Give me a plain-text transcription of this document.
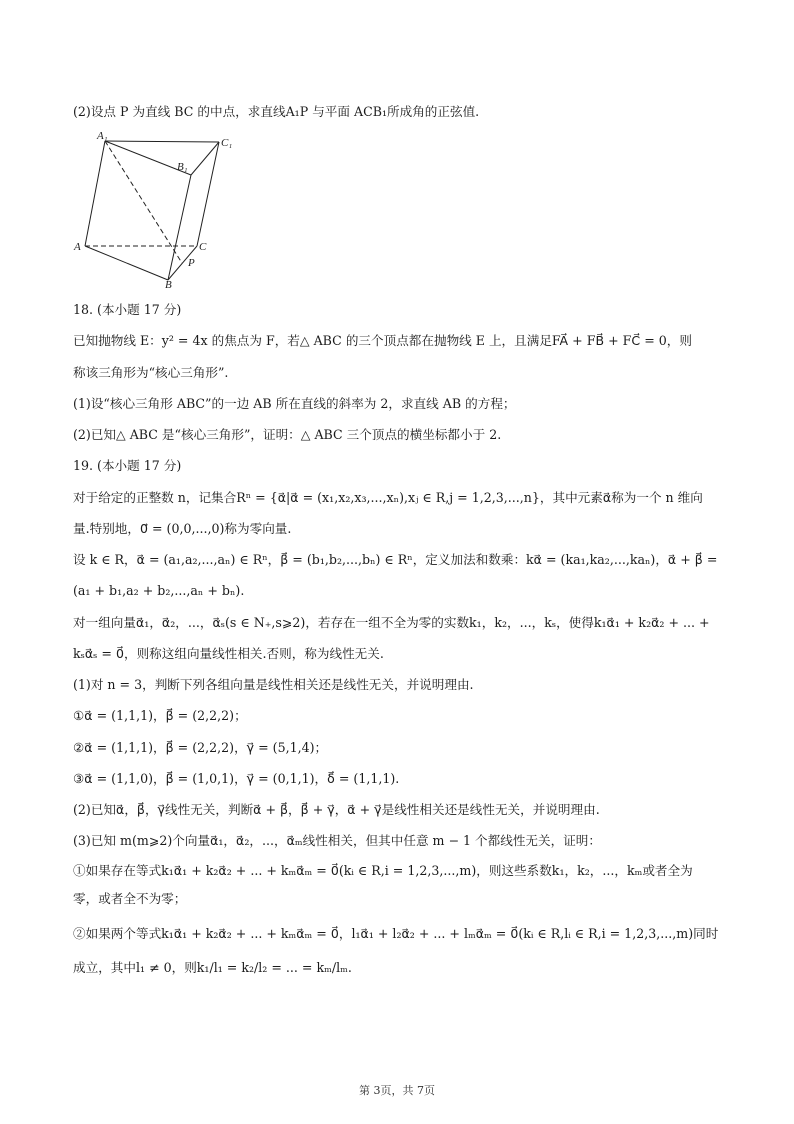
(2)设点 P 为直线 BC 的中点，求直线A₁P 与平面 ACB₁所成角的正弦值.
A₁
C₁
B₁
A	C
P
B
18. (本小题 17 分)
已知抛物线 E：y² = 4x 的焦点为 F，若△ ABC 的三个顶点都在抛物线 E 上，且满足FA⃗ + FB⃗ + FC⃗ = 0，则
称该三角形为“核心三角形”.
(1)设“核心三角形 ABC”的一边 AB 所在直线的斜率为 2，求直线 AB 的方程；
(2)已知△ ABC 是“核心三角形”，证明：△ ABC 三个顶点的横坐标都小于 2.
19. (本小题 17 分)
对于给定的正整数 n，记集合Rⁿ = {α⃗|α⃗ = (x₁,x₂,x₃,...,xₙ),xⱼ ∈ R,j = 1,2,3,...,n}，其中元素α⃗称为一个 n 维向
量.特别地，0⃗ = (0,0,...,0)称为零向量.
设 k ∈ R，α⃗ = (a₁,a₂,...,aₙ) ∈ Rⁿ，β⃗ = (b₁,b₂,...,bₙ) ∈ Rⁿ，定义加法和数乘：kα⃗ = (ka₁,ka₂,...,kaₙ)，α⃗ + β⃗ =
(a₁ + b₁,a₂ + b₂,...,aₙ + bₙ).
对一组向量α⃗₁，α⃗₂，...，α⃗ₛ(s ∈ N₊,s⩾2)，若存在一组不全为零的实数k₁，k₂，...，kₛ，使得k₁α⃗₁ + k₂α⃗₂ + ... +
kₛα⃗ₛ = 0⃗，则称这组向量线性相关.否则，称为线性无关.
(1)对 n = 3，判断下列各组向量是线性相关还是线性无关，并说明理由.
①α⃗ = (1,1,1)，β⃗ = (2,2,2)；
②α⃗ = (1,1,1)，β⃗ = (2,2,2)，γ⃗ = (5,1,4)；
③α⃗ = (1,1,0)，β⃗ = (1,0,1)，γ⃗ = (0,1,1)，δ⃗ = (1,1,1).
(2)已知α⃗，β⃗，γ⃗线性无关，判断α⃗ + β⃗，β⃗ + γ⃗，α⃗ + γ⃗是线性相关还是线性无关，并说明理由.
(3)已知 m(m⩾2)个向量α⃗₁，α⃗₂，...，α⃗ₘ线性相关，但其中任意 m − 1 个都线性无关，证明：
①如果存在等式k₁α⃗₁ + k₂α⃗₂ + ... + kₘα⃗ₘ = 0⃗(kᵢ ∈ R,i = 1,2,3,...,m)，则这些系数k₁，k₂，...，kₘ或者全为
零，或者全不为零；
②如果两个等式k₁α⃗₁ + k₂α⃗₂ + ... + kₘα⃗ₘ = 0⃗，l₁α⃗₁ + l₂α⃗₂ + ... + lₘα⃗ₘ = 0⃗(kᵢ ∈ R,lᵢ ∈ R,i = 1,2,3,...,m)同时
成立，其中l₁ ≠ 0，则k₁/l₁ = k₂/l₂ = ... = kₘ/lₘ.
第 3页，共 7页
